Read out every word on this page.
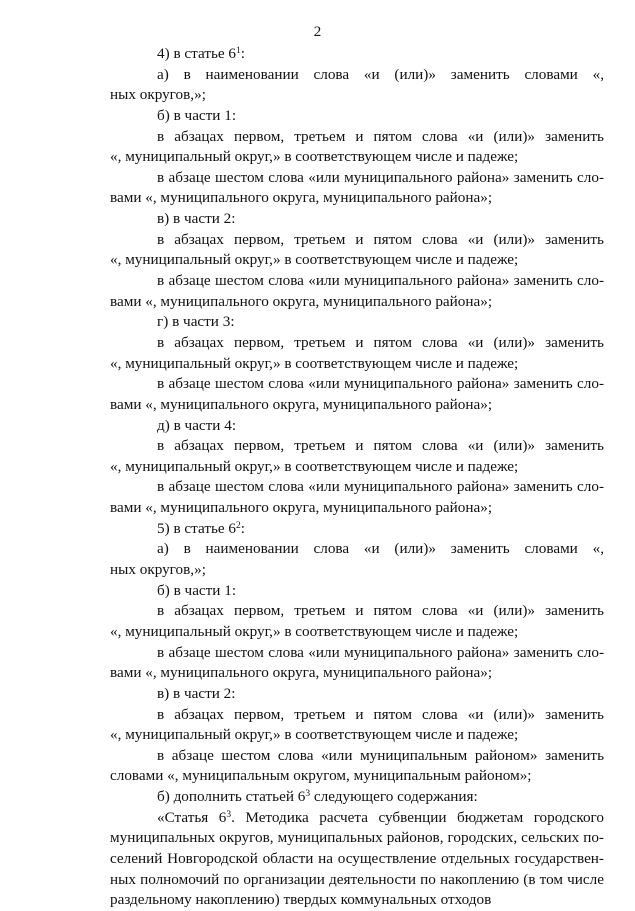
2
4) в статье $6^1$:
а) в наименовании слова «и (или)» заменить словами «,
ных округов,»;
б) в части 1:
в абзацах первом, третьем и пятом слова «и (или)» заменить
«, муниципальный округ,» в соответствующем числе и падеже;
в абзаце шестом слова «или муниципального района» заменить сло-
вами «, муниципального округа, муниципального района»;
в) в части 2:
в абзацах первом, третьем и пятом слова «и (или)» заменить
«, муниципальный округ,» в соответствующем числе и падеже;
в абзаце шестом слова «или муниципального района» заменить сло-
вами «, муниципального округа, муниципального района»;
г) в части 3:
в абзацах первом, третьем и пятом слова «и (или)» заменить
«, муниципальный округ,» в соответствующем числе и падеже;
в абзаце шестом слова «или муниципального района» заменить сло-
вами «, муниципального округа, муниципального района»;
д) в части 4:
в абзацах первом, третьем и пятом слова «и (или)» заменить
«, муниципальный округ,» в соответствующем числе и падеже;
в абзаце шестом слова «или муниципального района» заменить сло-
вами «, муниципального округа, муниципального района»;
5) в статье $6^2$:
а) в наименовании слова «и (или)» заменить словами «,
ных округов,»;
б) в части 1:
в абзацах первом, третьем и пятом слова «и (или)» заменить
«, муниципальный округ,» в соответствующем числе и падеже;
в абзаце шестом слова «или муниципального района» заменить сло-
вами «, муниципального округа, муниципального района»;
в) в части 2:
в абзацах первом, третьем и пятом слова «и (или)» заменить
«, муниципальный округ,» в соответствующем числе и падеже;
в абзаце шестом слова «или муниципальным районом» заменить
словами «, муниципальным округом, муниципальным районом»;
б) дополнить статьей $6^3$ следующего содержания:
«Статья $6^3$. Методика расчета субвенции бюджетам городского
муниципальных округов, муниципальных районов, городских, сельских по-
селений Новгородской области на осуществление отдельных государствен-
ных полномочий по организации деятельности по накоплению (в том числе
раздельному накоплению) твердых коммунальных отходов
